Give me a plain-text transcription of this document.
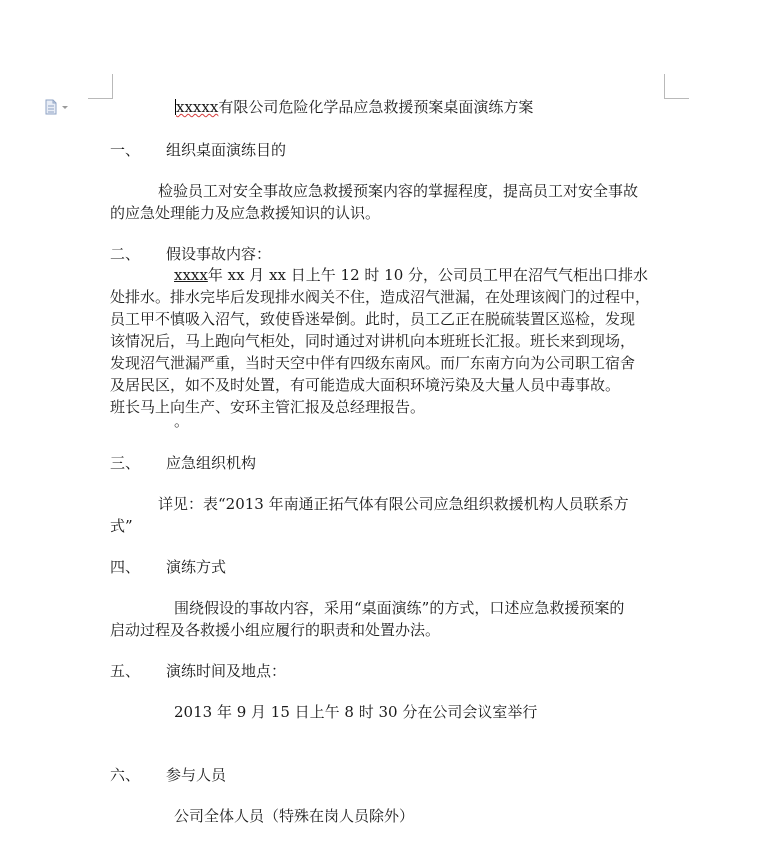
xxxxx有限公司危险化学品应急救援预案桌面演练方案
一、 组织桌面演练目的
检验员工对安全事故应急救援预案内容的掌握程度，提高员工对安全事故
的应急处理能力及应急救援知识的认识。
二、 假设事故内容：
xxxx年 xx 月 xx 日上午 12 时 10 分，公司员工甲在沼气气柜出口排水
处排水。排水完毕后发现排水阀关不住，造成沼气泄漏，在处理该阀门的过程中，
员工甲不慎吸入沼气，致使昏迷晕倒。此时，员工乙正在脱硫装置区巡检，发现
该情况后，马上跑向气柜处，同时通过对讲机向本班班长汇报。班长来到现场，
发现沼气泄漏严重，当时天空中伴有四级东南风。而厂东南方向为公司职工宿舍
及居民区，如不及时处置，有可能造成大面积环境污染及大量人员中毒事故。
班长马上向生产、安环主管汇报及总经理报告。
。
三、 应急组织机构
详见：表“2013 年南通正拓气体有限公司应急组织救援机构人员联系方
式”
四、 演练方式
围绕假设的事故内容，采用“桌面演练”的方式，口述应急救援预案的
启动过程及各救援小组应履行的职责和处置办法。
五、 演练时间及地点：
2013 年 9 月 15 日上午 8 时 30 分在公司会议室举行
六、 参与人员
公司全体人员（特殊在岗人员除外）
